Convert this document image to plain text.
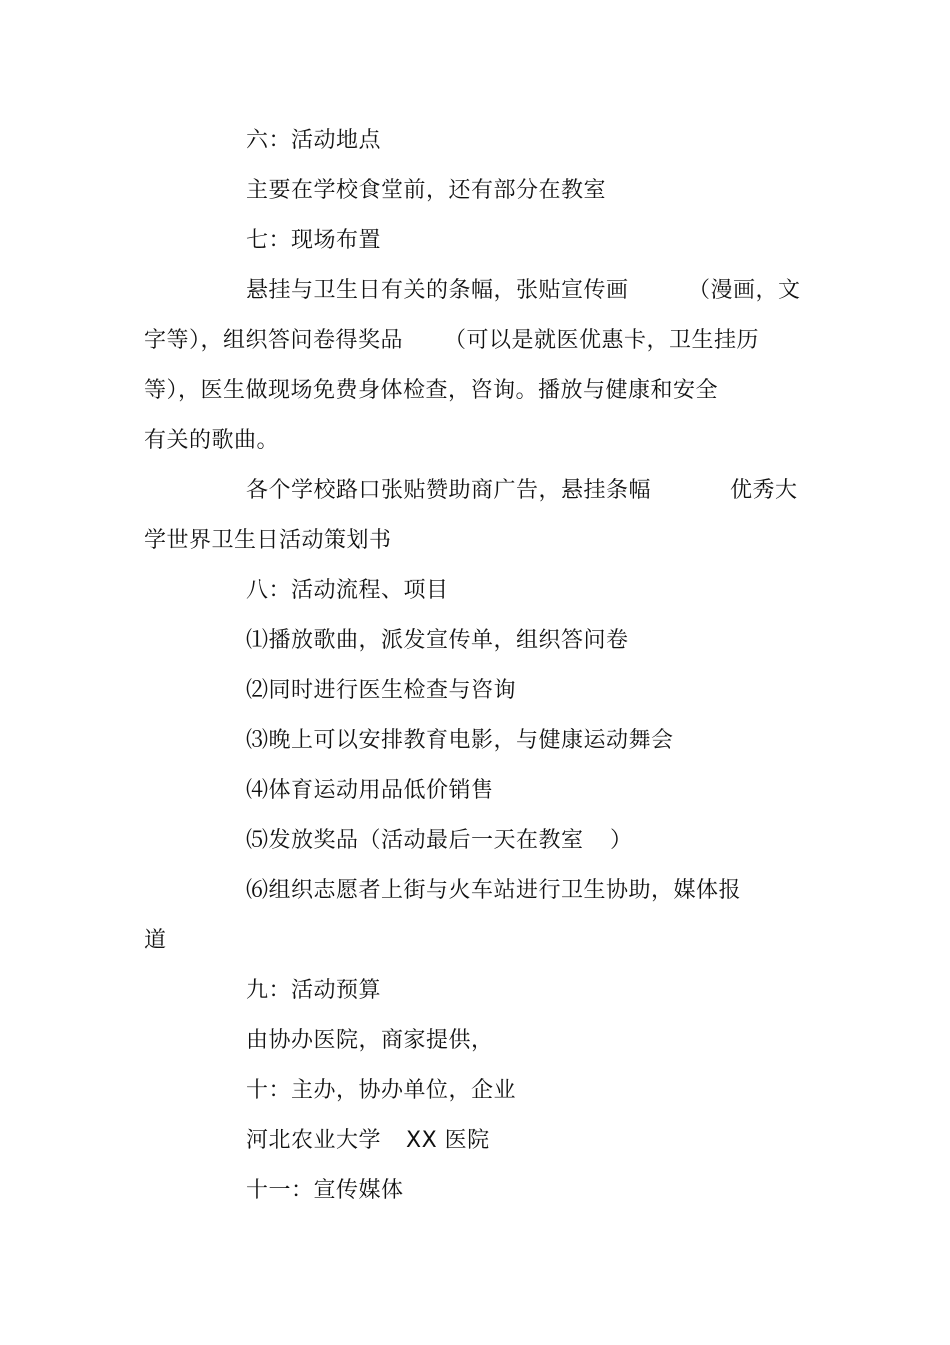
六：活动地点
主要在学校食堂前，还有部分在教室
七：现场布置
悬挂与卫生日有关的条幅，张贴宣传画	（漫画，文
字等），组织答问卷得奖品 （可以是就医优惠卡，卫生挂历
等），医生做现场免费身体检查，咨询。播放与健康和安全
有关的歌曲。
各个学校路口张贴赞助商广告，悬挂条幅	优秀大
学世界卫生日活动策划书
八：活动流程、项目
⑴播放歌曲，派发宣传单，组织答问卷
⑵同时进行医生检查与咨询
⑶晚上可以安排教育电影，与健康运动舞会
⑷体育运动用品低价销售
⑸发放奖品（活动最后一天在教室 ）
⑹组织志愿者上街与火车站进行卫生协助，媒体报
道
九：活动预算
由协办医院，商家提供，
十：主办，协办单位，企业
河北农业大学 XX 医院
十一：宣传媒体
